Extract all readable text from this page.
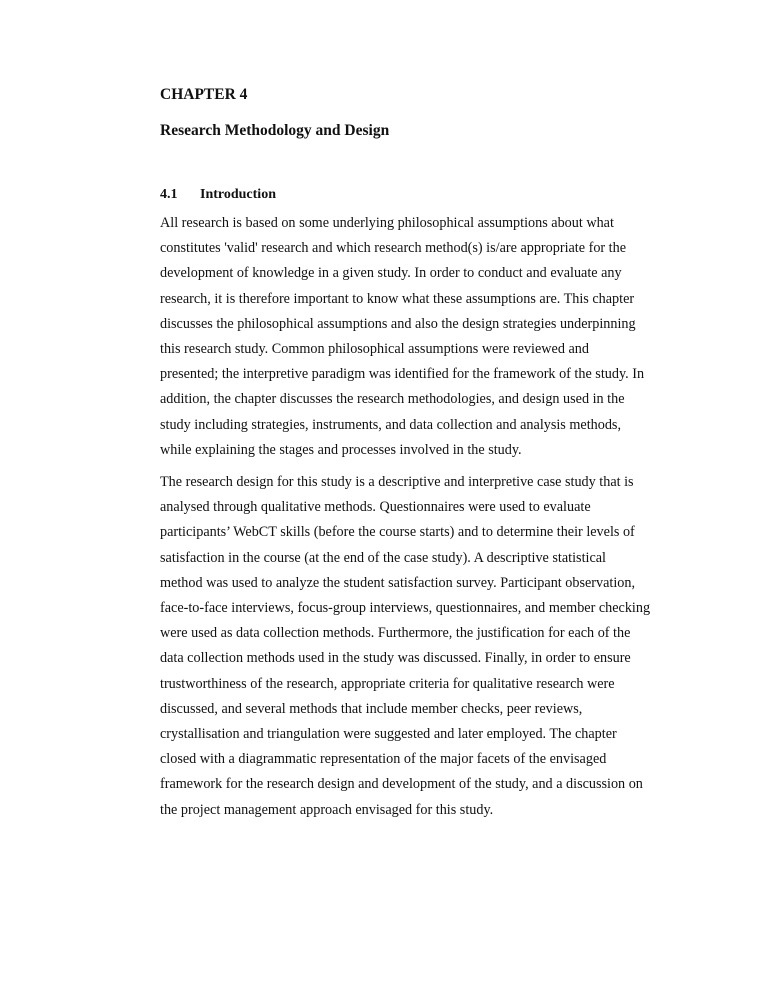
CHAPTER 4

Research Methodology and Design

4.1	Introduction

All research is based on some underlying philosophical assumptions about what
constitutes 'valid' research and which research method(s) is/are appropriate for the
development of knowledge in a given study. In order to conduct and evaluate any
research, it is therefore important to know what these assumptions are. This chapter
discusses the philosophical assumptions and also the design strategies underpinning
this research study. Common philosophical assumptions were reviewed and
presented; the interpretive paradigm was identified for the framework of the study. In
addition, the chapter discusses the research methodologies, and design used in the
study including strategies, instruments, and data collection and analysis methods,
while explaining the stages and processes involved in the study.

The research design for this study is a descriptive and interpretive case study that is
analysed through qualitative methods. Questionnaires were used to evaluate
participants’ WebCT skills (before the course starts) and to determine their levels of
satisfaction in the course (at the end of the case study). A descriptive statistical
method was used to analyze the student satisfaction survey. Participant observation,
face-to-face interviews, focus-group interviews, questionnaires, and member checking
were used as data collection methods. Furthermore, the justification for each of the
data collection methods used in the study was discussed. Finally, in order to ensure
trustworthiness of the research, appropriate criteria for qualitative research were
discussed, and several methods that include member checks, peer reviews,
crystallisation and triangulation were suggested and later employed. The chapter
closed with a diagrammatic representation of the major facets of the envisaged
framework for the research design and development of the study, and a discussion on
the project management approach envisaged for this study.
